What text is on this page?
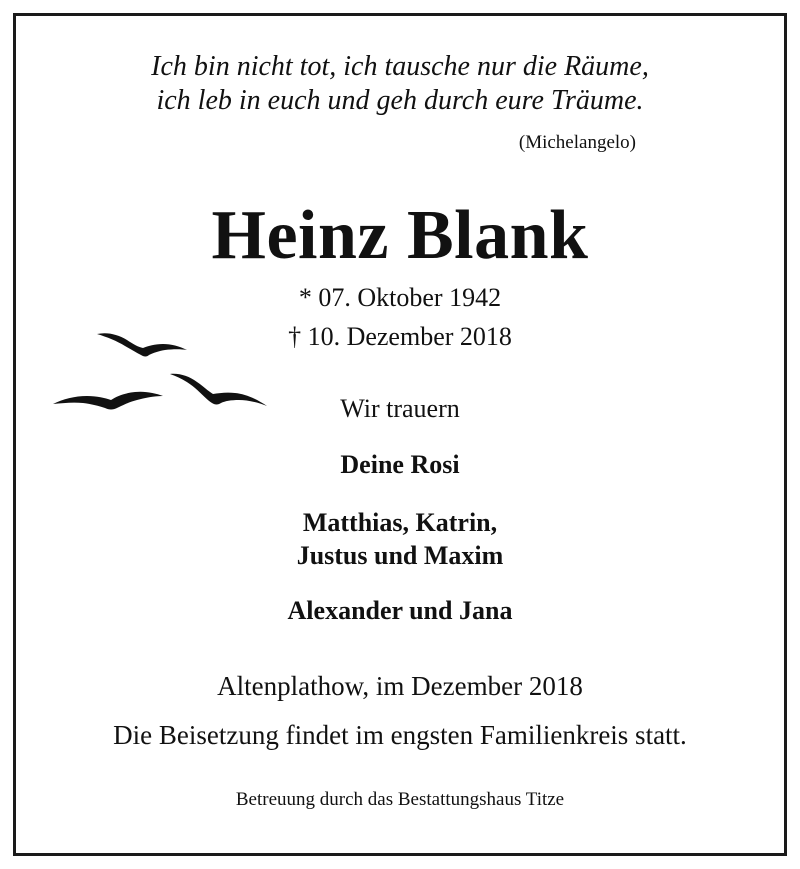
Ich bin nicht tot, ich tausche nur die Räume,
ich leb in euch und geh durch eure Träume.
(Michelangelo)
Heinz Blank
* 07. Oktober 1942
† 10. Dezember 2018
Wir trauern
Deine Rosi
Matthias, Katrin,
Justus und Maxim
Alexander und Jana
Altenplathow, im Dezember 2018
Die Beisetzung findet im engsten Familienkreis statt.
Betreuung durch das Bestattungshaus Titze
